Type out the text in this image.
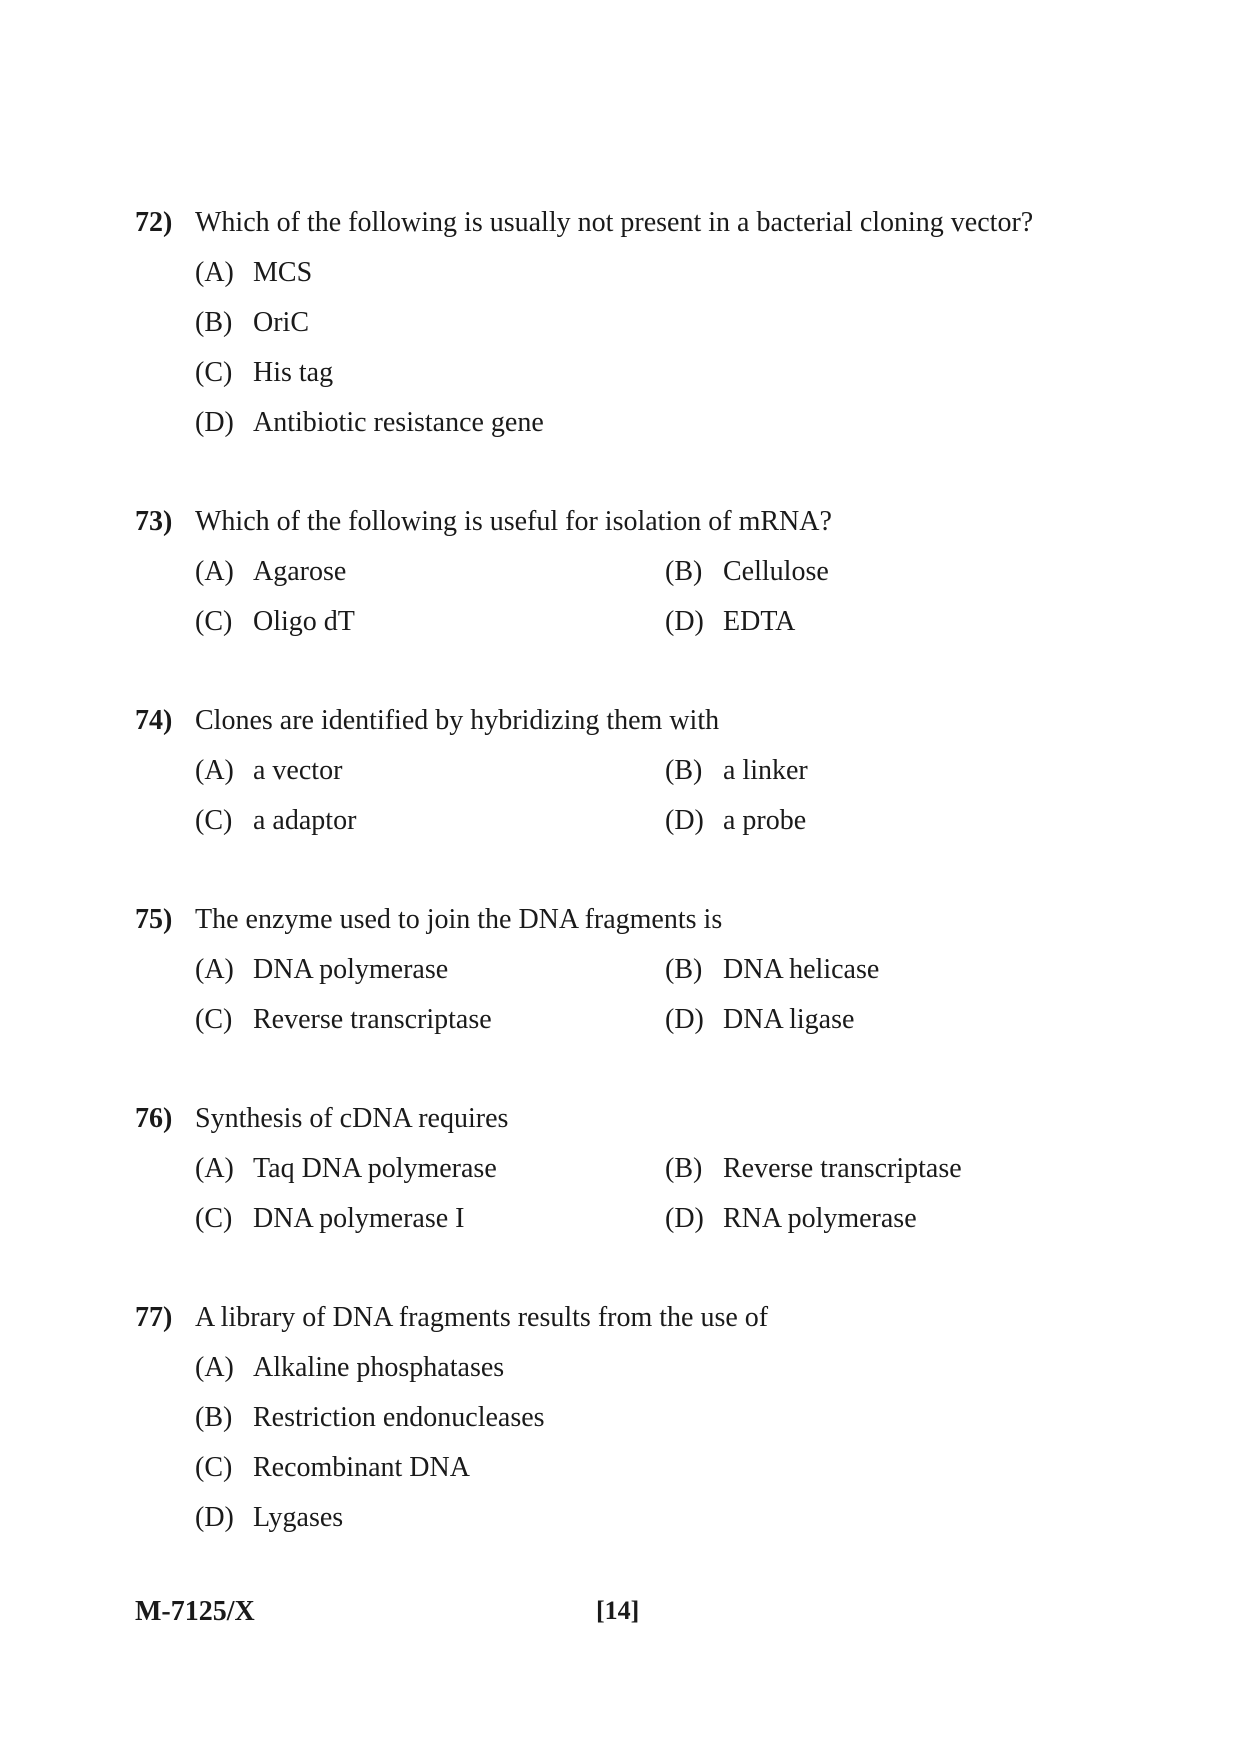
72) Which of the following is usually not present in a bacterial cloning vector?
(A) MCS
(B) OriC
(C) His tag
(D) Antibiotic resistance gene
73) Which of the following is useful for isolation of mRNA?
(A) Agarose	(B) Cellulose
(C) Oligo dT	(D) EDTA
74) Clones are identified by hybridizing them with
(A) a vector	(B) a linker
(C) a adaptor	(D) a probe
75) The enzyme used to join the DNA fragments is
(A) DNA polymerase	(B) DNA helicase
(C) Reverse transcriptase	(D) DNA ligase
76) Synthesis of cDNA requires
(A) Taq DNA polymerase	(B) Reverse transcriptase
(C) DNA polymerase I	(D) RNA polymerase
77) A library of DNA fragments results from the use of
(A) Alkaline phosphatases
(B) Restriction endonucleases
(C) Recombinant DNA
(D) Lygases
M-7125/X	[14]
